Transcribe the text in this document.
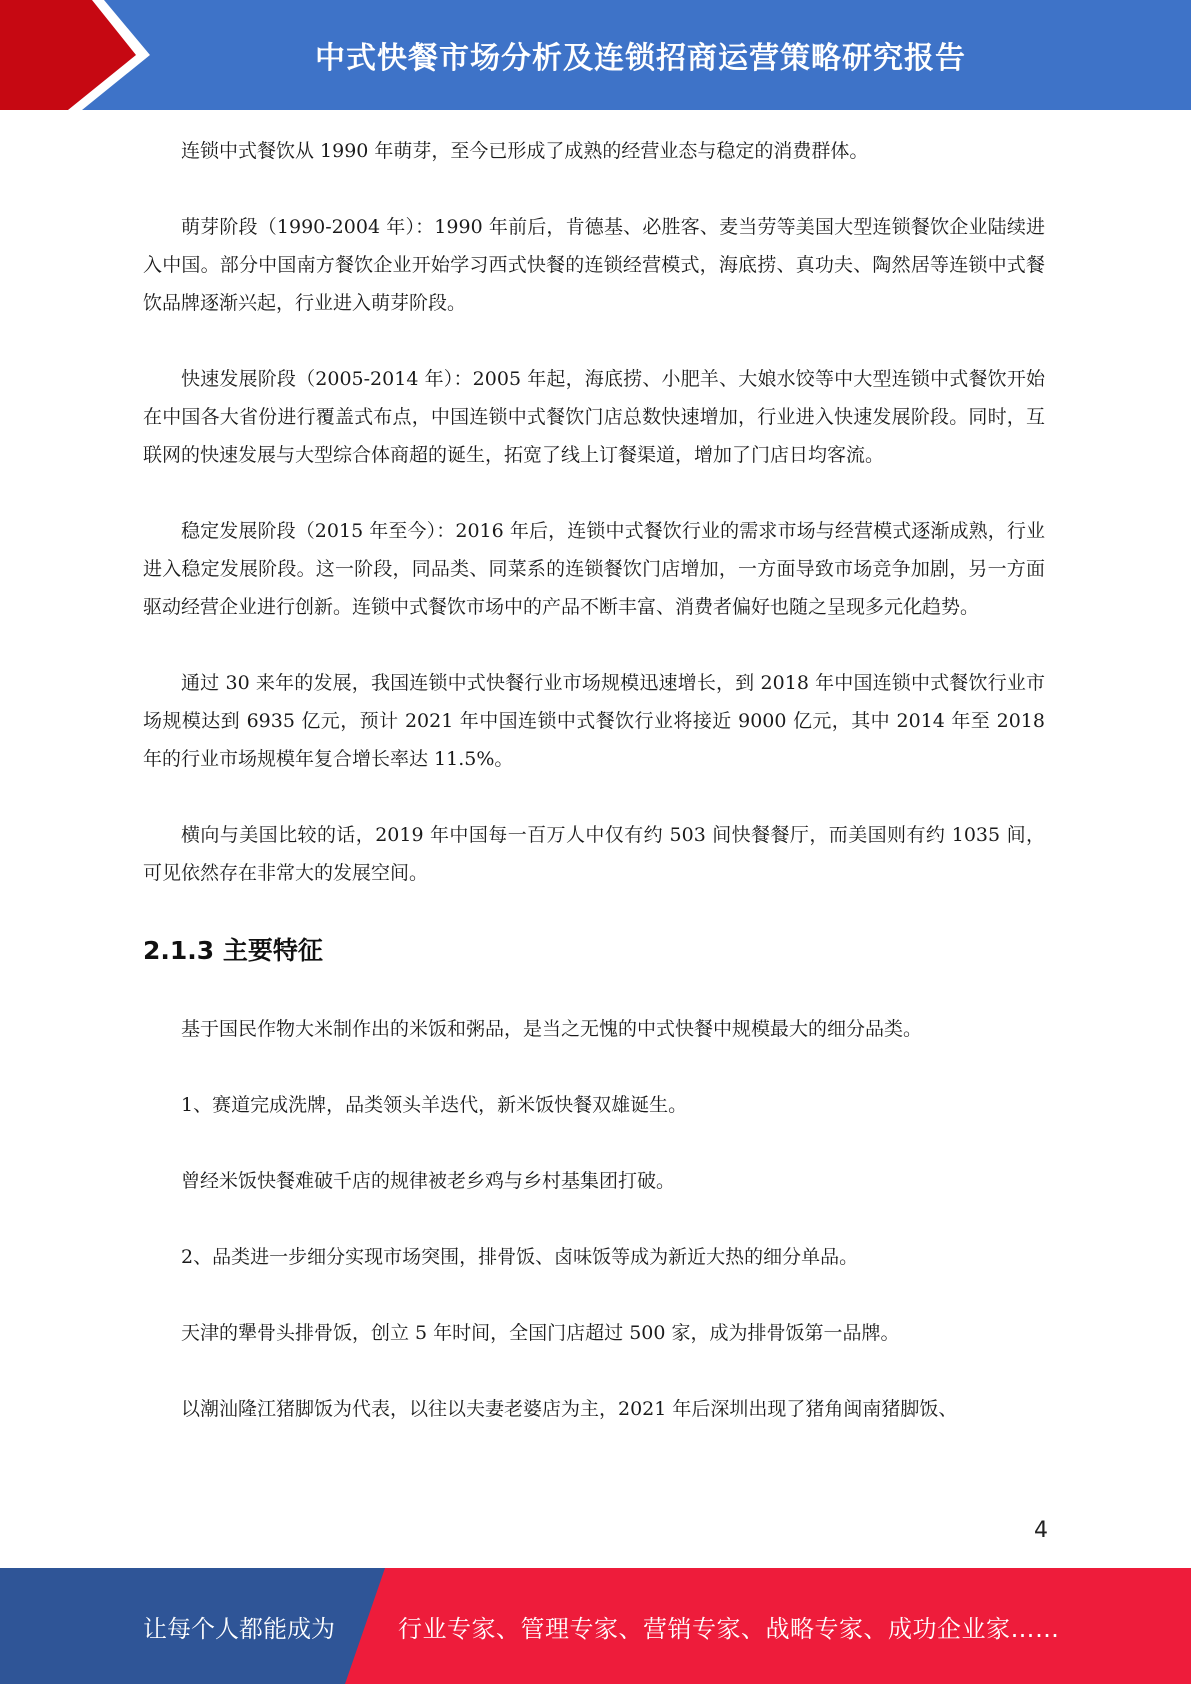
中式快餐市场分析及连锁招商运营策略研究报告

连锁中式餐饮从 1990 年萌芽，至今已形成了成熟的经营业态与稳定的消费群体。

萌芽阶段（1990-2004 年）：1990 年前后，肯德基、必胜客、麦当劳等美国大型连锁餐饮企业陆续进入中国。部分中国南方餐饮企业开始学习西式快餐的连锁经营模式，海底捞、真功夫、陶然居等连锁中式餐饮品牌逐渐兴起，行业进入萌芽阶段。

快速发展阶段（2005-2014 年）：2005 年起，海底捞、小肥羊、大娘水饺等中大型连锁中式餐饮开始在中国各大省份进行覆盖式布点，中国连锁中式餐饮门店总数快速增加，行业进入快速发展阶段。同时，互联网的快速发展与大型综合体商超的诞生，拓宽了线上订餐渠道，增加了门店日均客流。

稳定发展阶段（2015 年至今）：2016 年后，连锁中式餐饮行业的需求市场与经营模式逐渐成熟，行业进入稳定发展阶段。这一阶段，同品类、同菜系的连锁餐饮门店增加，一方面导致市场竞争加剧，另一方面驱动经营企业进行创新。连锁中式餐饮市场中的产品不断丰富、消费者偏好也随之呈现多元化趋势。

通过 30 来年的发展，我国连锁中式快餐行业市场规模迅速增长，到 2018 年中国连锁中式餐饮行业市场规模达到 6935 亿元，预计 2021 年中国连锁中式餐饮行业将接近 9000 亿元，其中 2014 年至 2018 年的行业市场规模年复合增长率达 11.5%。

横向与美国比较的话，2019 年中国每一百万人中仅有约 503 间快餐餐厅，而美国则有约 1035 间，可见依然存在非常大的发展空间。

2.1.3 主要特征

基于国民作物大米制作出的米饭和粥品，是当之无愧的中式快餐中规模最大的细分品类。

1、赛道完成洗牌，品类领头羊迭代，新米饭快餐双雄诞生。

曾经米饭快餐难破千店的规律被老乡鸡与乡村基集团打破。

2、品类进一步细分实现市场突围，排骨饭、卤味饭等成为新近大热的细分单品。

天津的犟骨头排骨饭，创立 5 年时间，全国门店超过 500 家，成为排骨饭第一品牌。

以潮汕隆江猪脚饭为代表，以往以夫妻老婆店为主，2021 年后深圳出现了猪角闽南猪脚饭、

4
让每个人都能成为	行业专家、管理专家、营销专家、战略专家、成功企业家……
